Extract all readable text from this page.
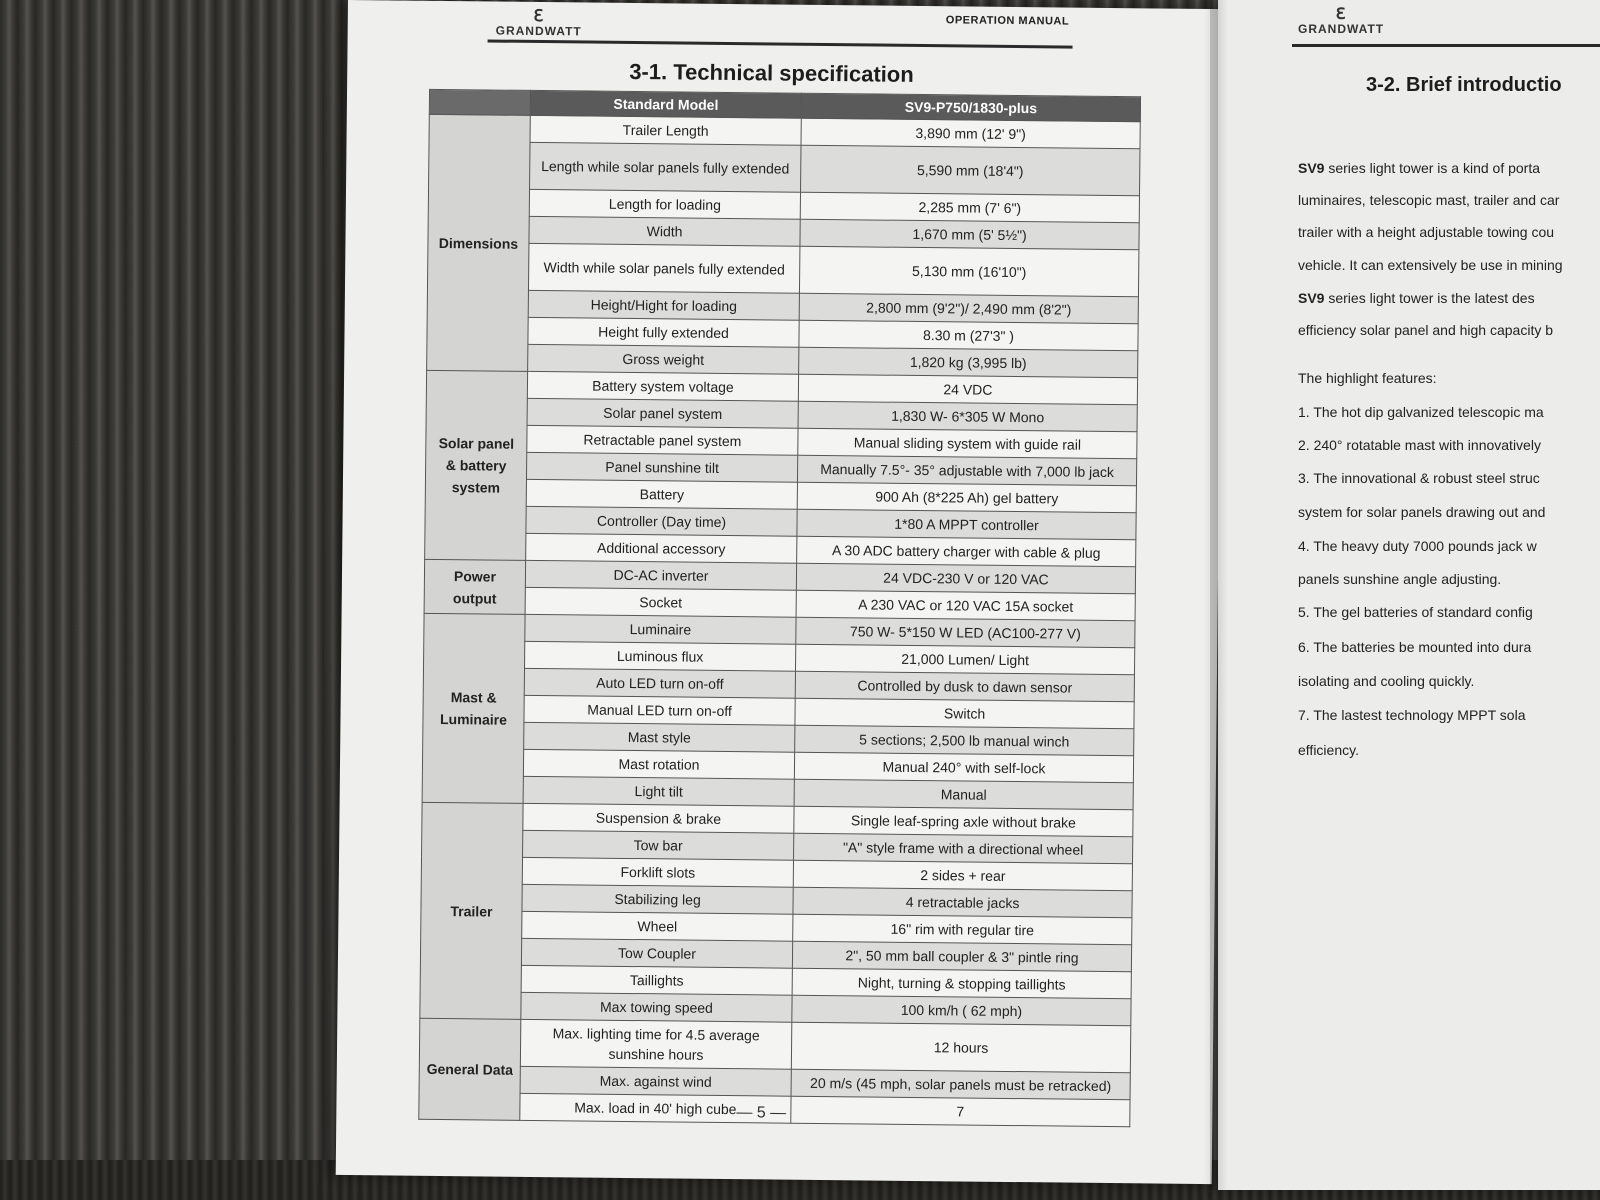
ℇ
GRANDWATT
OPERATION MANUAL
3-1. Technical specification
	Standard Model	SV9-P750/1830-plus
Dimensions	Trailer Length	3,890 mm (12' 9")
	Length while solar panels fully extended	5,590 mm (18'4")
	Length for loading	2,285 mm (7' 6")
	Width	1,670 mm (5' 5½")
	Width while solar panels fully extended	5,130 mm (16'10")
	Height/Hight for loading	2,800 mm (9'2")/ 2,490 mm (8'2")
	Height fully extended	8.30 m (27'3" )
	Gross weight	1,820 kg (3,995 lb)
Solar panel & battery system	Battery system voltage	24 VDC
	Solar panel system	1,830 W- 6*305 W Mono
	Retractable panel system	Manual sliding system with guide rail
	Panel sunshine tilt	Manually 7.5°- 35° adjustable with 7,000 lb jack
	Battery	900 Ah (8*225 Ah) gel battery
	Controller (Day time)	1*80 A MPPT controller
	Additional accessory	A 30 ADC battery charger with cable & plug
Power output	DC-AC inverter	24 VDC-230 V or 120 VAC
	Socket	A 230 VAC or 120 VAC 15A socket
Mast & Luminaire	Luminaire	750 W- 5*150 W LED (AC100-277 V)
	Luminous flux	21,000 Lumen/ Light
	Auto LED turn on-off	Controlled by dusk to dawn sensor
	Manual LED turn on-off	Switch
	Mast style	5 sections; 2,500 lb manual winch
	Mast rotation	Manual 240° with self-lock
	Light tilt	Manual
Trailer	Suspension & brake	Single leaf-spring axle without brake
	Tow bar	"A" style frame with a directional wheel
	Forklift slots	2 sides + rear
	Stabilizing leg	4 retractable jacks
	Wheel	16" rim with regular tire
	Tow Coupler	2", 50 mm ball coupler & 3" pintle ring
	Taillights	Night, turning & stopping taillights
	Max towing speed	100 km/h ( 62 mph)
General Data	Max. lighting time for 4.5 average sunshine hours	12 hours
	Max. against wind	20 m/s (45 mph, solar panels must be retracked)
	Max. load in 40' high cube	7
— 5 —
ℇ
GRANDWATT
3-2. Brief introductio
SV9 series light tower is a kind of porta
luminaires, telescopic mast, trailer and car
trailer with a height adjustable towing cou
vehicle. It can extensively be use in mining
SV9 series light tower is the latest des
efficiency solar panel and high capacity b
The highlight features:
1. The hot dip galvanized telescopic ma
2. 240° rotatable mast with innovatively
3. The innovational & robust steel struc
system for solar panels drawing out and
4. The heavy duty 7000 pounds jack w
panels sunshine angle adjusting.
5. The gel batteries of standard config
6. The batteries be mounted into dura
isolating and cooling quickly.
7. The lastest technology MPPT sola
efficiency.
